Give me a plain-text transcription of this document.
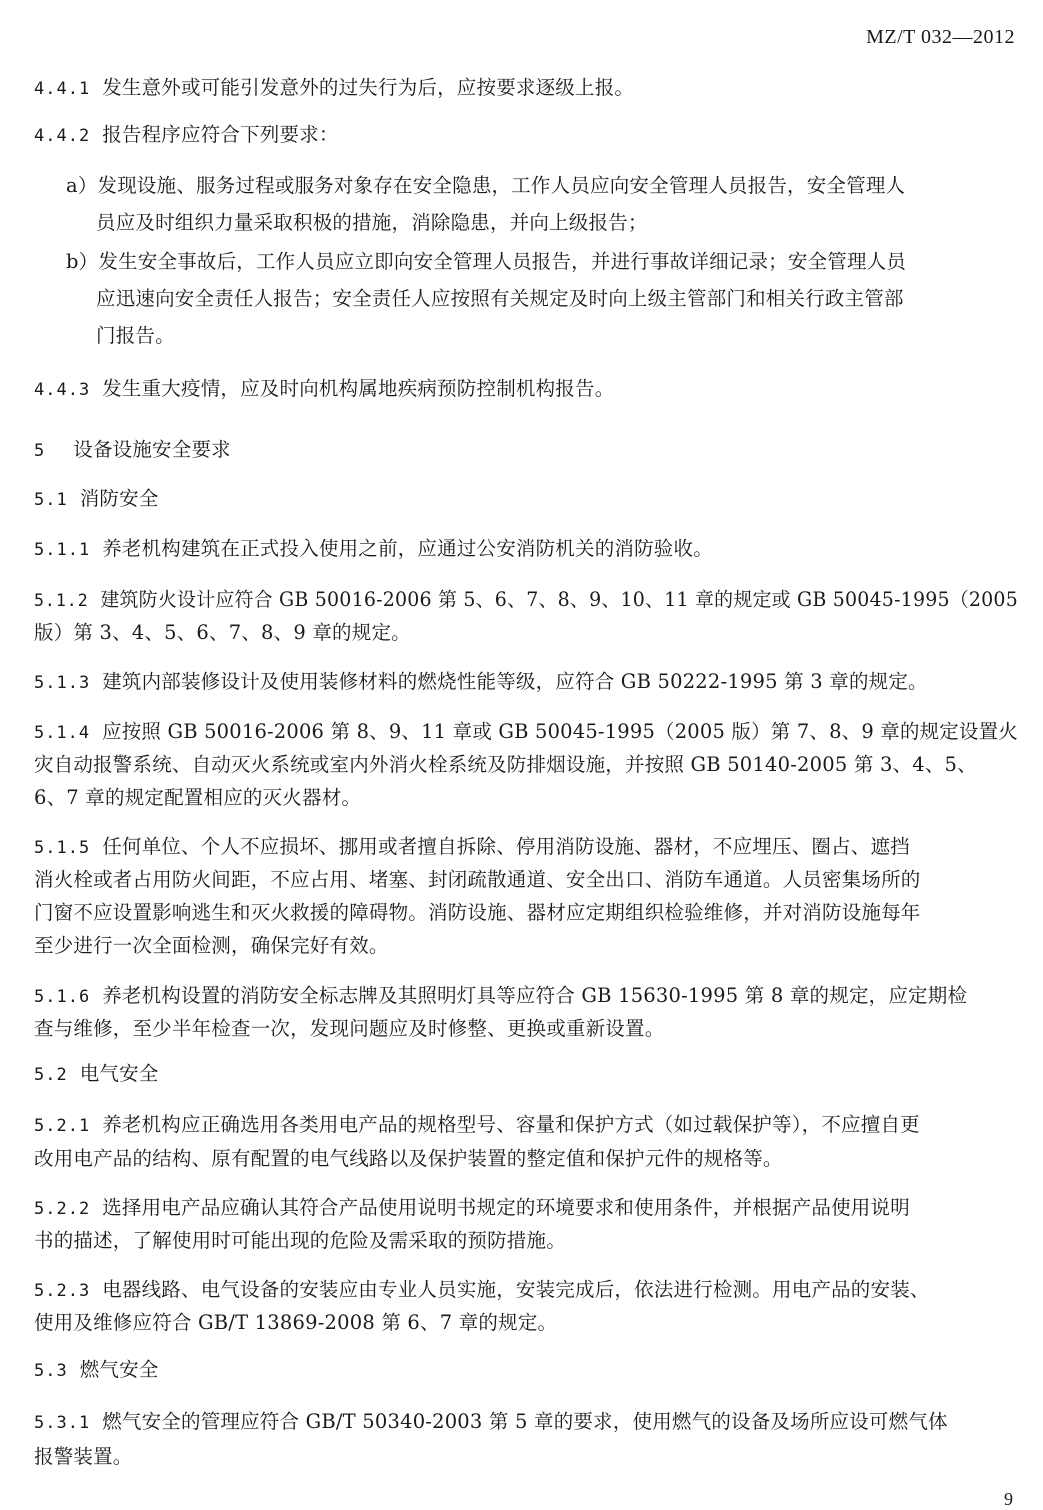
MZ/T 032—2012
4.4.1 发生意外或可能引发意外的过失行为后，应按要求逐级上报。
4.4.2 报告程序应符合下列要求：
a）发现设施、服务过程或服务对象存在安全隐患，工作人员应向安全管理人员报告，安全管理人
员应及时组织力量采取积极的措施，消除隐患，并向上级报告；
b）发生安全事故后，工作人员应立即向安全管理人员报告，并进行事故详细记录；安全管理人员
应迅速向安全责任人报告；安全责任人应按照有关规定及时向上级主管部门和相关行政主管部
门报告。
4.4.3 发生重大疫情，应及时向机构属地疾病预防控制机构报告。
5 设备设施安全要求
5.1 消防安全
5.1.1 养老机构建筑在正式投入使用之前，应通过公安消防机关的消防验收。
5.1.2 建筑防火设计应符合 GB 50016-2006 第 5、6、7、8、9、10、11 章的规定或 GB 50045-1995（2005
版）第 3、4、5、6、7、8、9 章的规定。
5.1.3 建筑内部装修设计及使用装修材料的燃烧性能等级，应符合 GB 50222-1995 第 3 章的规定。
5.1.4 应按照 GB 50016-2006 第 8、9、11 章或 GB 50045-1995（2005 版）第 7、8、9 章的规定设置火
灾自动报警系统、自动灭火系统或室内外消火栓系统及防排烟设施，并按照 GB 50140-2005 第 3、4、5、
6、7 章的规定配置相应的灭火器材。
5.1.5 任何单位、个人不应损坏、挪用或者擅自拆除、停用消防设施、器材，不应埋压、圈占、遮挡
消火栓或者占用防火间距，不应占用、堵塞、封闭疏散通道、安全出口、消防车通道。人员密集场所的
门窗不应设置影响逃生和灭火救援的障碍物。消防设施、器材应定期组织检验维修，并对消防设施每年
至少进行一次全面检测，确保完好有效。
5.1.6 养老机构设置的消防安全标志牌及其照明灯具等应符合 GB 15630-1995 第 8 章的规定，应定期检
查与维修，至少半年检查一次，发现问题应及时修整、更换或重新设置。
5.2 电气安全
5.2.1 养老机构应正确选用各类用电产品的规格型号、容量和保护方式（如过载保护等），不应擅自更
改用电产品的结构、原有配置的电气线路以及保护装置的整定值和保护元件的规格等。
5.2.2 选择用电产品应确认其符合产品使用说明书规定的环境要求和使用条件，并根据产品使用说明
书的描述，了解使用时可能出现的危险及需采取的预防措施。
5.2.3 电器线路、电气设备的安装应由专业人员实施，安装完成后，依法进行检测。用电产品的安装、
使用及维修应符合 GB/T 13869-2008 第 6、7 章的规定。
5.3 燃气安全
5.3.1 燃气安全的管理应符合 GB/T 50340-2003 第 5 章的要求，使用燃气的设备及场所应设可燃气体
报警装置。
9
